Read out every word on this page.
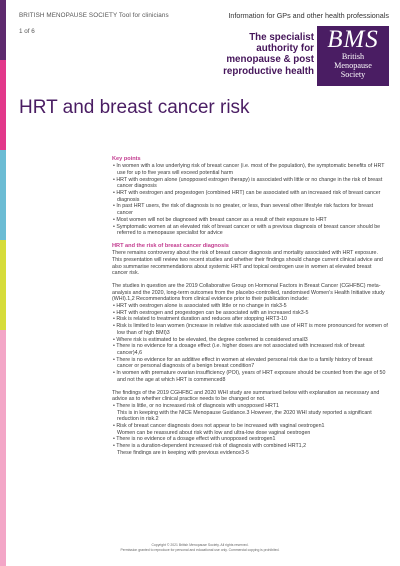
BRITISH MENOPAUSE SOCIETY Tool for clinicians
1 of 6
Information for GPs and other health professionals
The specialist
authority for
menopause & post
reproductive health
BMS
British
Menopause
Society
HRT and breast cancer risk
Key points
• In women with a low underlying risk of breast cancer (i.e. most of the population), the symptomatic benefits of HRT use for up to five years will exceed potential harm
• HRT with oestrogen alone (unopposed estrogen therapy) is associated with little or no change in the risk of breast cancer diagnosis
• HRT with oestrogen and progestogen (combined HRT) can be associated with an increased risk of breast cancer diagnosis
• In past HRT users, the risk of diagnosis is no greater, or less, than several other lifestyle risk factors for breast cancer
• Most women will not be diagnosed with breast cancer as a result of their exposure to HRT
• Symptomatic women at an elevated risk of breast cancer or with a previous diagnosis of breast cancer should be referred to a menopause specialist for advice
HRT and the risk of breast cancer diagnosis
There remains controversy about the risk of breast cancer diagnosis and mortality associated with HRT exposure. This presentation will review two recent studies and whether their findings should change current clinical advice and also summarise recommendations about systemic HRT and topical oestrogen use in women at elevated breast cancer risk.
The studies in question are the 2019 Collaborative Group on Hormonal Factors in Breast Cancer (CGHFBC) meta-analysis and the 2020, long-term outcomes from the placebo-controlled, randomised Women's Health Initiative study (WHI).1,2 Recommendations from clinical evidence prior to their publication include:
• HRT with oestrogen alone is associated with little or no change in risk3-5
• HRT with oestrogen and progestogen can be associated with an increased risk3-5
• Risk is related to treatment duration and reduces after stopping HRT3-10
• Risk is limited to lean women (increase in relative risk associated with use of HRT is more pronounced for women of low than of high BMI)3
• Where risk is estimated to be elevated, the degree conferred is considered small3
• There is no evidence for a dosage effect (i.e. higher doses are not associated with increased risk of breast cancer)4,6
• There is no evidence for an additive effect in women at elevated personal risk due to a family history of breast cancer or personal diagnosis of a benign breast condition7
• In women with premature ovarian insufficiency (POI), years of HRT exposure should be counted from the age of 50 and not the age at which HRT is commenced8
The findings of the 2019 CGHFBC and 2020 WHI study are summarised below with explanation as necessary and advice as to whether clinical practice needs to be changed or not.
• There is little, or no increased risk of diagnosis with unopposed HRT1
This is in keeping with the NICE Menopause Guidance.3 However, the 2020 WHI study reported a significant reduction in risk.2
• Risk of breast cancer diagnosis does not appear to be increased with vaginal oestrogen1
Women can be reassured about risk with low and ultra-low dose vaginal oestrogen
• There is no evidence of a dosage effect with unopposed oestrogen1
• There is a duration-dependent increased risk of diagnosis with combined HRT1,2
These findings are in keeping with previous evidence3-5
Copyright © 2021 British Menopause Society. All rights reserved.
Permission granted to reproduce for personal and educational use only. Commercial copying is prohibited.
